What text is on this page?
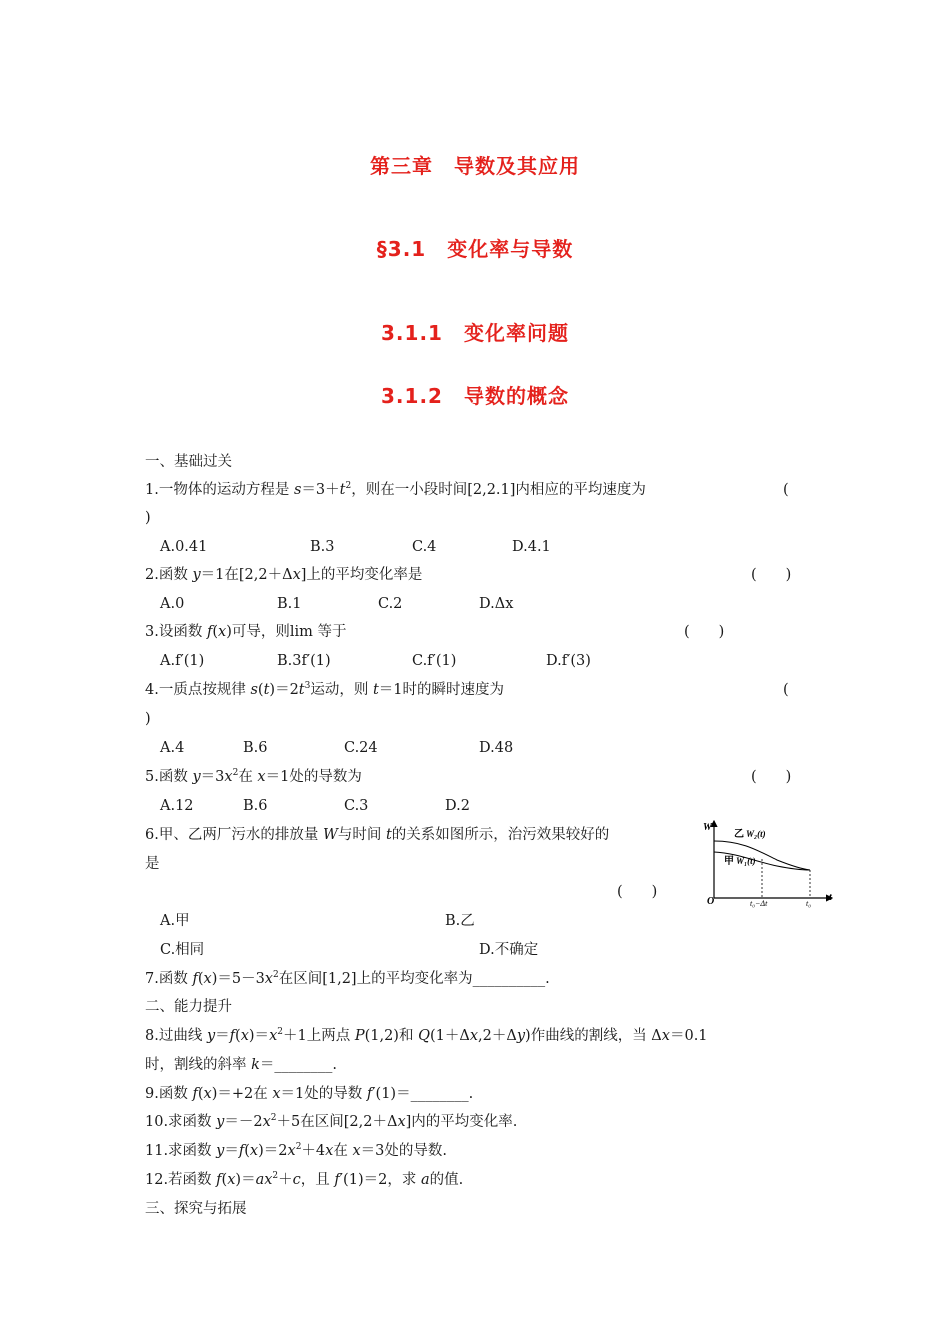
第三章　导数及其应用
§3.1　变化率与导数
3.1.1　变化率问题
3.1.2　导数的概念
一、基础过关
1.一物体的运动方程是 $s=3+t^2$，则在一小段时间[2,2.1]内相应的平均速度为	(
)
A.0.41	B.3	C.4	D.4.1
2.函数 y＝1在[2,2＋Δx]上的平均变化率是	(　　)
A.0	B.1	C.2	D.Δx
3.设函数 f(x)可导，则lim 等于	(　　)
A.f′(1)	B.3f′(1)	C.f′(1)	D.f′(3)
4.一质点按规律 $s(t)=2t^3$运动，则 t＝1时的瞬时速度为	(
)
A.4	B.6	C.24	D.48
5.函数 $y=3x^2$在 x＝1处的导数为	(　　)
A.12	B.6	C.3	D.2
6.甲、乙两厂污水的排放量 W与时间 t的关系如图所示，治污效果较好的
是
(　　)
A.甲	B.乙
C.相同	D.不确定
W
t
O
乙 W₂(t)
甲 W₁(t)
t₀−Δt	t₀
7.函数 $f(x)=5-3x^2$在区间[1,2]上的平均变化率为__________.
二、能力提升
8.过曲线 $y=f(x)=x^2+1$上两点 P(1,2)和 Q(1＋Δx,2＋Δy)作曲线的割线，当 Δx＝0.1
时，割线的斜率 k＝________.
9.函数 f(x)＝+2在 x＝1处的导数 f′(1)＝________.
10.求函数 $y=-2x^2+5$在区间[2,2＋Δx]内的平均变化率.
11.求函数 $y=f(x)=2x^2+4x$在 x＝3处的导数.
12.若函数 $f(x)=ax^2+c$，且 f′(1)＝2，求 a的值.
三、探究与拓展
